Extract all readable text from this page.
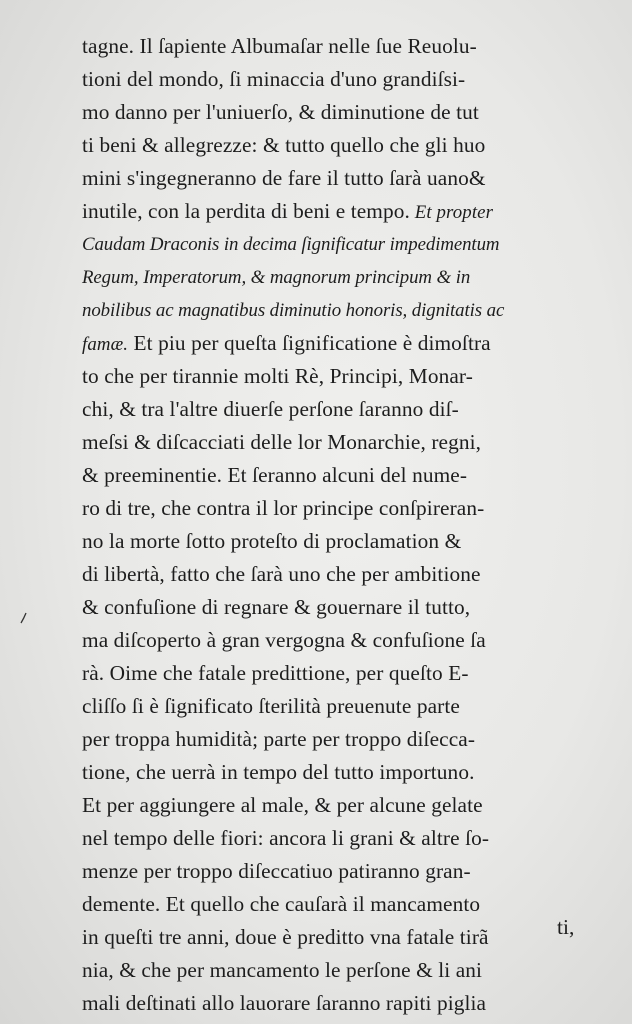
tagne. Il ſapiente Albumaſar nelle ſue Reuolu-
tioni del mondo, ſi minaccia d'uno grandiſsi-
mo danno per l'uniuerſo, & diminutione de tut
ti beni & allegrezze: & tutto quello che gli huo
mini s'ingegneranno de fare il tutto ſarà uano&
inutile, con la perdita di beni e tempo. Et propter
Caudam Draconis in decima ſignificatur impedimentum
Regum, Imperatorum, & magnorum principum & in
nobilibus ac magnatibus diminutio honoris, dignitatis ac
famæ. Et piu per queſta ſignificatione è dimoſtra
to che per tirannie molti Rè, Principi, Monar-
chi, & tra l'altre diuerſe perſone ſaranno diſ-
meſsi & diſcacciati delle lor Monarchie, regni,
& preeminentie. Et ſeranno alcuni del nume-
ro di tre, che contra il lor principe conſpireran-
no la morte ſotto proteſto di proclamation &
di libertà, fatto che ſarà uno che per ambitione
& confuſione di regnare & gouernare il tutto,
ma diſcoperto à gran vergogna & confuſione ſa
rà. Oime che fatale predittione, per queſto E-
cliſſo ſi è ſignificato ſterilità preuenute parte
per troppa humidità; parte per troppo diſecca-
tione, che uerrà in tempo del tutto importuno.
Et per aggiungere al male, & per alcune gelate
nel tempo delle fiori: ancora li grani & altre ſo-
menze per troppo diſeccatiuo patiranno gran-
demente. Et quello che cauſarà il mancamento
in queſti tre anni, doue è predittо vna fatale tirã
nia, & che per mancamento le perſone & li ani
mali deſtinati allo lauorare ſaranno rapiti piglia
ti,
